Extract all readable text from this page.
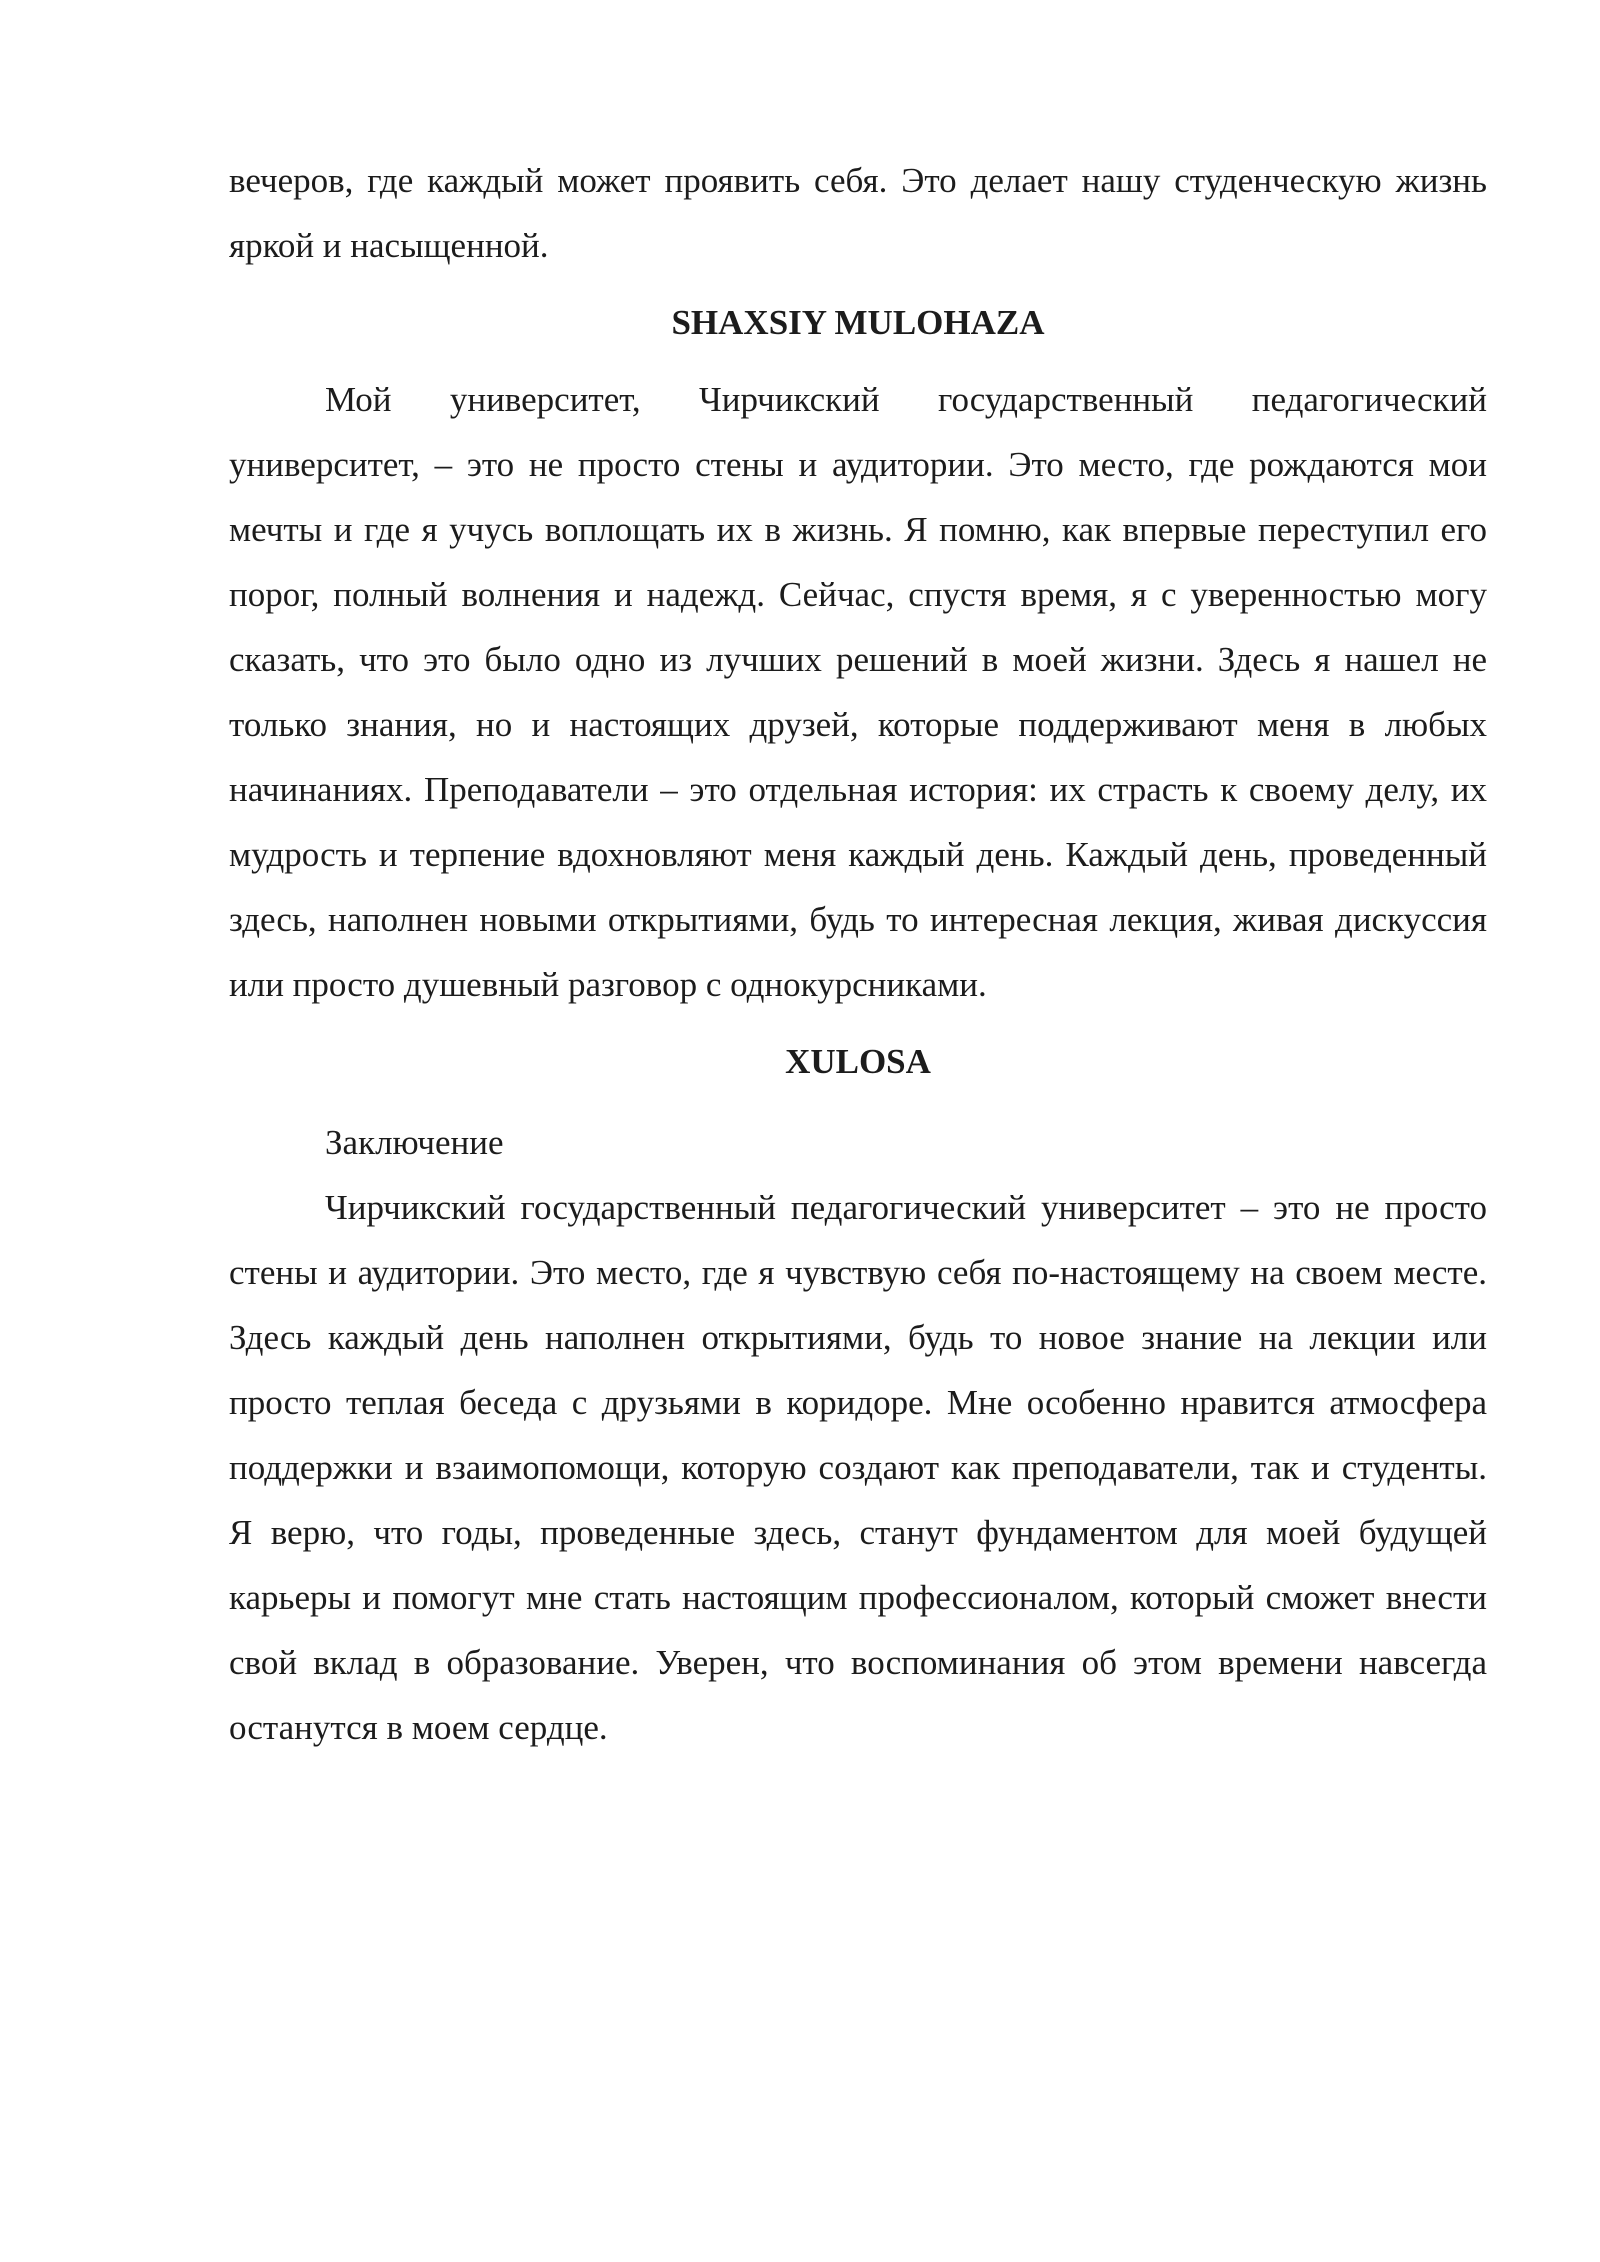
вечеров, где каждый может проявить себя. Это делает нашу студенческую жизнь яркой и насыщенной.

SHAXSIY MULOHAZA

Мой университет, Чирчикский государственный педагогический университет, – это не просто стены и аудитории. Это место, где рождаются мои мечты и где я учусь воплощать их в жизнь. Я помню, как впервые переступил его порог, полный волнения и надежд. Сейчас, спустя время, я с уверенностью могу сказать, что это было одно из лучших решений в моей жизни. Здесь я нашел не только знания, но и настоящих друзей, которые поддерживают меня в любых начинаниях. Преподаватели – это отдельная история: их страсть к своему делу, их мудрость и терпение вдохновляют меня каждый день. Каждый день, проведенный здесь, наполнен новыми открытиями, будь то интересная лекция, живая дискуссия или просто душевный разговор с однокурсниками.

XULOSA

Заключение

Чирчикский государственный педагогический университет – это не просто стены и аудитории. Это место, где я чувствую себя по-настоящему на своем месте. Здесь каждый день наполнен открытиями, будь то новое знание на лекции или просто теплая беседа с друзьями в коридоре. Мне особенно нравится атмосфера поддержки и взаимопомощи, которую создают как преподаватели, так и студенты. Я верю, что годы, проведенные здесь, станут фундаментом для моей будущей карьеры и помогут мне стать настоящим профессионалом, который сможет внести свой вклад в образование. Уверен, что воспоминания об этом времени навсегда останутся в моем сердце.
